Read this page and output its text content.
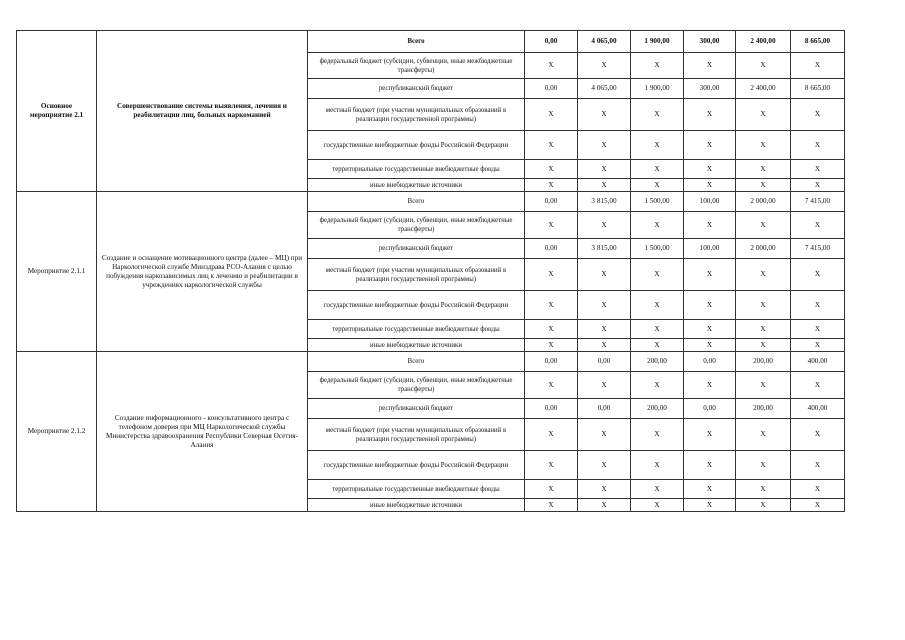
Основное мероприятие 2.1	Совершенствование системы выявления, лечения и реабилитации лиц, больных наркоманией	Всего	0,00	4 065,00	1 900,00	300,00	2 400,00	8 665,00
		федеральный бюджет (субсидии, субвенции, иные межбюджетные трансферты)	X	X	X	X	X	X
		республиканский бюджет	0,00	4 065,00	1 900,00	300,00	2 400,00	8 665,00
		местный бюджет (при участии муниципальных образований в реализации государственной программы)	X	X	X	X	X	X
		государственные внебюджетные фонды Российской Федерации	X	X	X	X	X	X
		территориальные государственные внебюджетные фонды	X	X	X	X	X	X
		иные внебюджетные источники	X	X	X	X	X	X
Мероприятие 2.1.1	Создание и оснащение мотивационного центра (далее – МЦ) при Наркологической службе Минздрава РСО-Алания с целью побуждения наркозависимых лиц к лечению и реабилитации в учреждениях наркологической службы	Всего	0,00	3 815,00	1 500,00	100,00	2 000,00	7 415,00
		федеральный бюджет (субсидии, субвенции, иные межбюджетные трансферты)	X	X	X	X	X	X
		республиканский бюджет	0,00	3 815,00	1 500,00	100,00	2 000,00	7 415,00
		местный бюджет (при участии муниципальных образований в реализации государственной программы)	X	X	X	X	X	X
		государственные внебюджетные фонды Российской Федерации	X	X	X	X	X	X
		территориальные государственные внебюджетные фонды	X	X	X	X	X	X
		иные внебюджетные источники	X	X	X	X	X	X
Мероприятие 2.1.2	Создание информационного - консультативного центра с телефоном доверия при МЦ Наркологической службы Министерства здравоохранения Республики Северная Осетия-Алания	Всего	0,00	0,00	200,00	0,00	200,00	400,00
		федеральный бюджет (субсидии, субвенции, иные межбюджетные трансферты)	X	X	X	X	X	X
		республиканский бюджет	0,00	0,00	200,00	0,00	200,00	400,00
		местный бюджет (при участии муниципальных образований в реализации государственной программы)	X	X	X	X	X	X
		государственные внебюджетные фонды Российской Федерации	X	X	X	X	X	X
		территориальные государственные внебюджетные фонды	X	X	X	X	X	X
		иные внебюджетные источники	X	X	X	X	X	X
